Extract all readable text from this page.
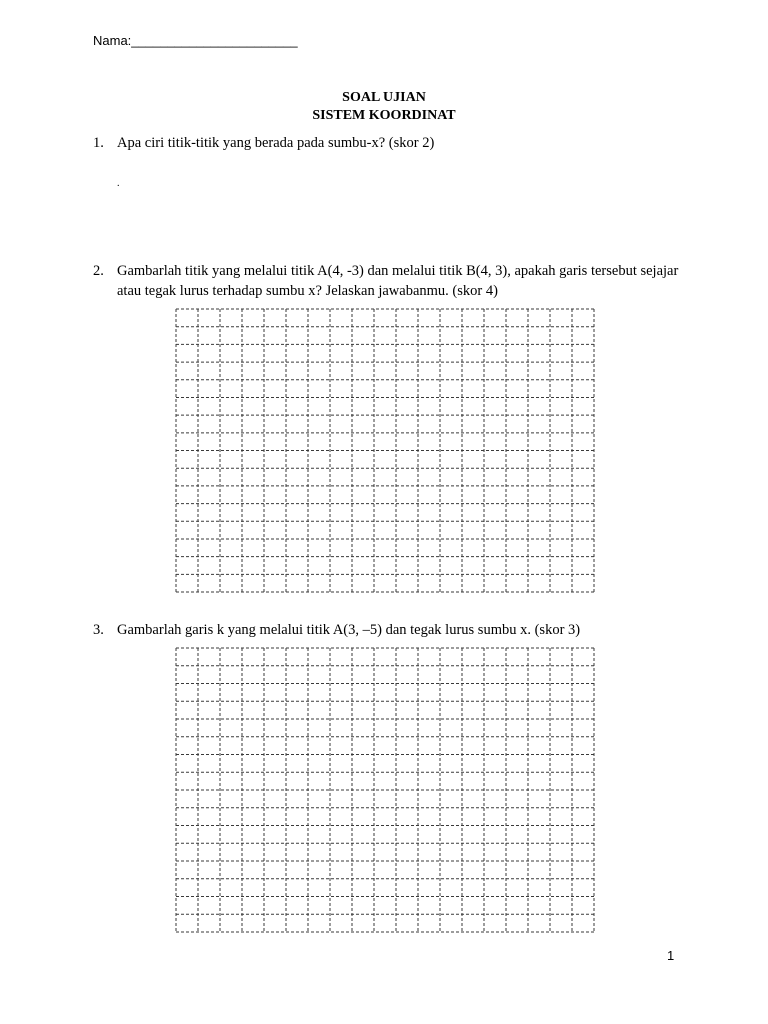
Nama:_______________________
SOAL UJIAN
SISTEM KOORDINAT
1. Apa ciri titik-titik yang berada pada sumbu-x? (skor 2)
.
2. Gambarlah titik yang melalui titik A(4, -3) dan melalui titik B(4, 3), apakah garis tersebut sejajar atau tegak lurus terhadap sumbu x? Jelaskan jawabanmu. (skor 4)
3. Gambarlah garis k yang melalui titik A(3, –5) dan tegak lurus sumbu x. (skor 3)
1
